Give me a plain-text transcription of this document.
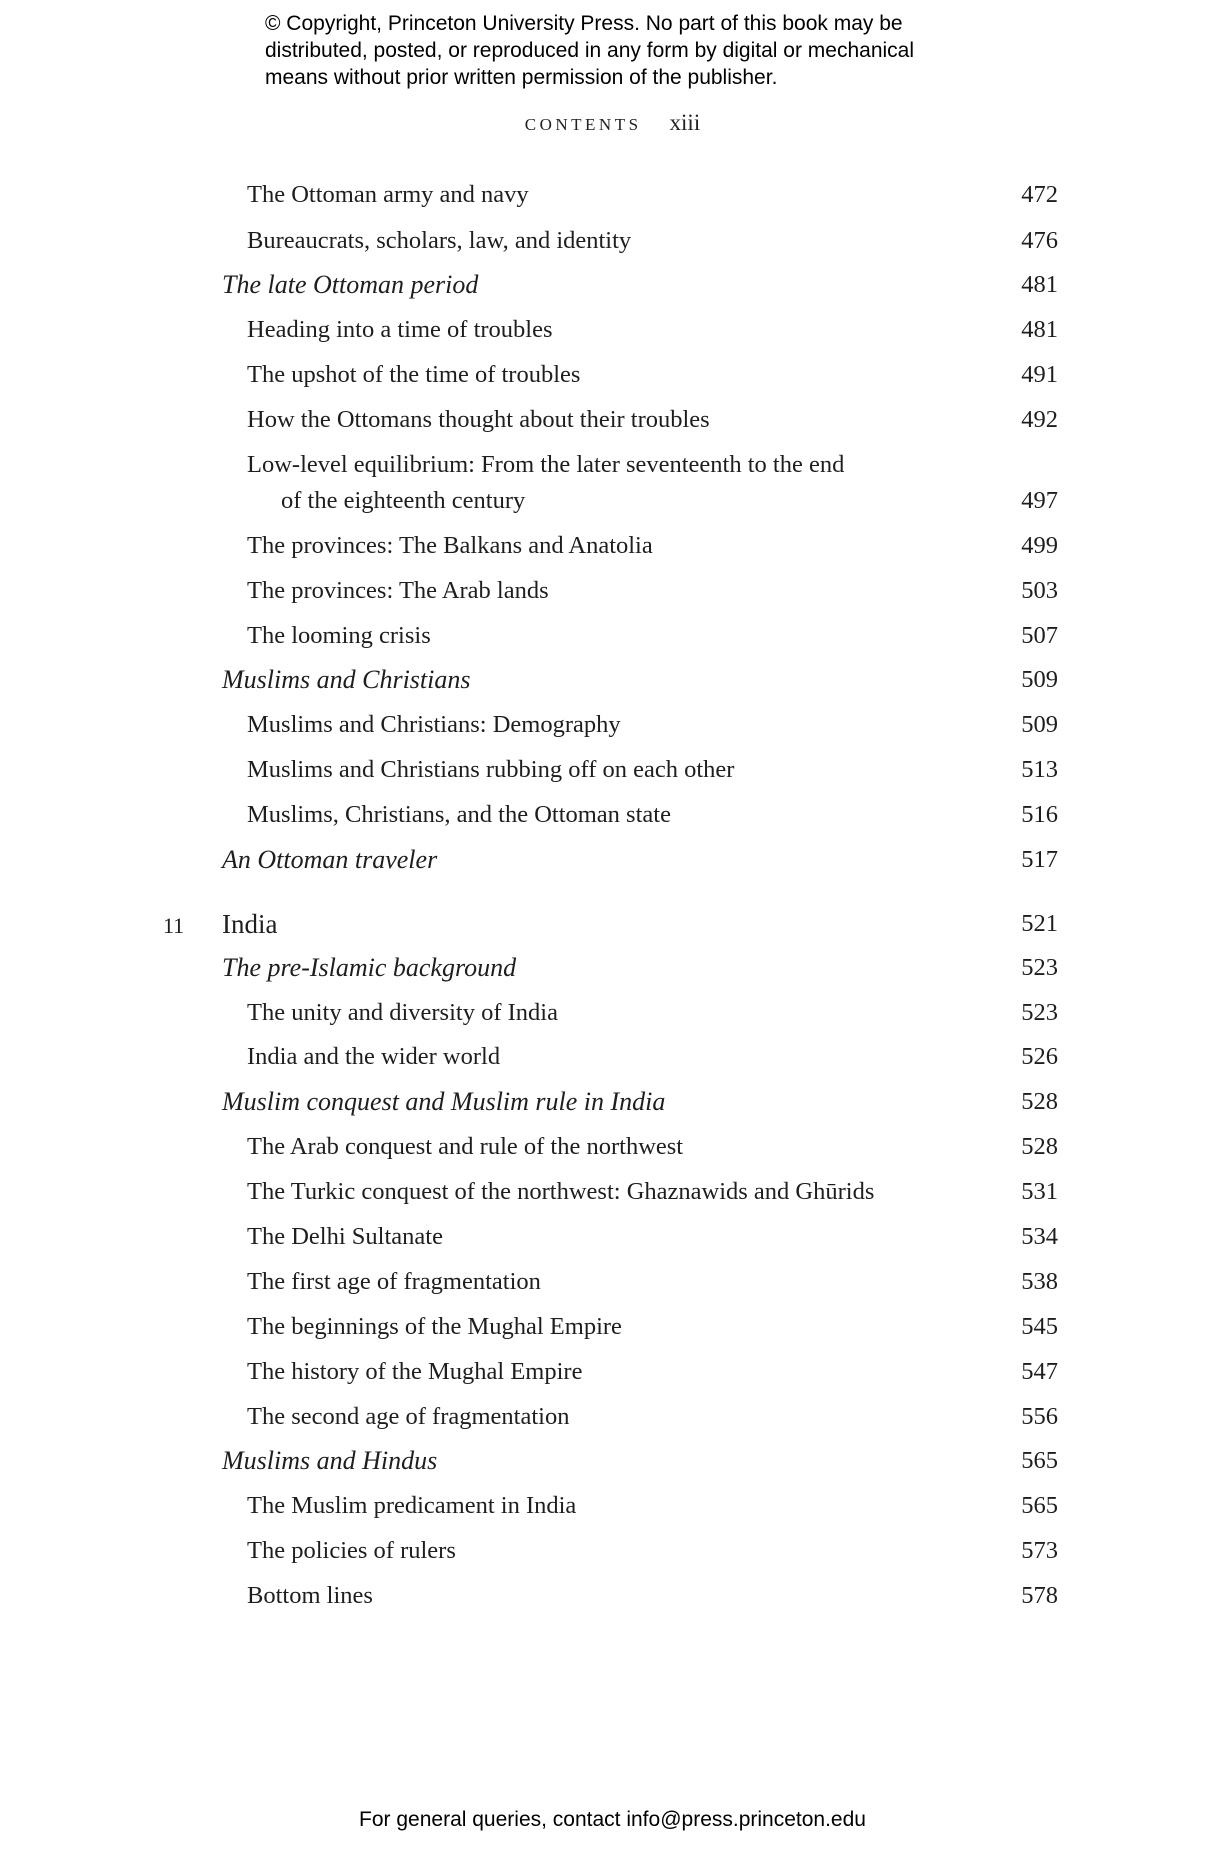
© Copyright, Princeton University Press. No part of this book may be
distributed, posted, or reproduced in any form by digital or mechanical
means without prior written permission of the publisher.
CONTENTS xiii
The Ottoman army and navy	472
Bureaucrats, scholars, law, and identity	476
The late Ottoman period	481
Heading into a time of troubles	481
The upshot of the time of troubles	491
How the Ottomans thought about their troubles	492
Low-level equilibrium: From the later seventeenth to the end
of the eighteenth century	497
The provinces: The Balkans and Anatolia	499
The provinces: The Arab lands	503
The looming crisis	507
Muslims and Christians	509
Muslims and Christians: Demography	509
Muslims and Christians rubbing off on each other	513
Muslims, Christians, and the Ottoman state	516
An Ottoman traveler	517
11 India	521
The pre-Islamic background	523
The unity and diversity of India	523
India and the wider world	526
Muslim conquest and Muslim rule in India	528
The Arab conquest and rule of the northwest	528
The Turkic conquest of the northwest: Ghaznawids and Ghūrids	531
The Delhi Sultanate	534
The first age of fragmentation	538
The beginnings of the Mughal Empire	545
The history of the Mughal Empire	547
The second age of fragmentation	556
Muslims and Hindus	565
The Muslim predicament in India	565
The policies of rulers	573
Bottom lines	578
For general queries, contact info@press.princeton.edu
